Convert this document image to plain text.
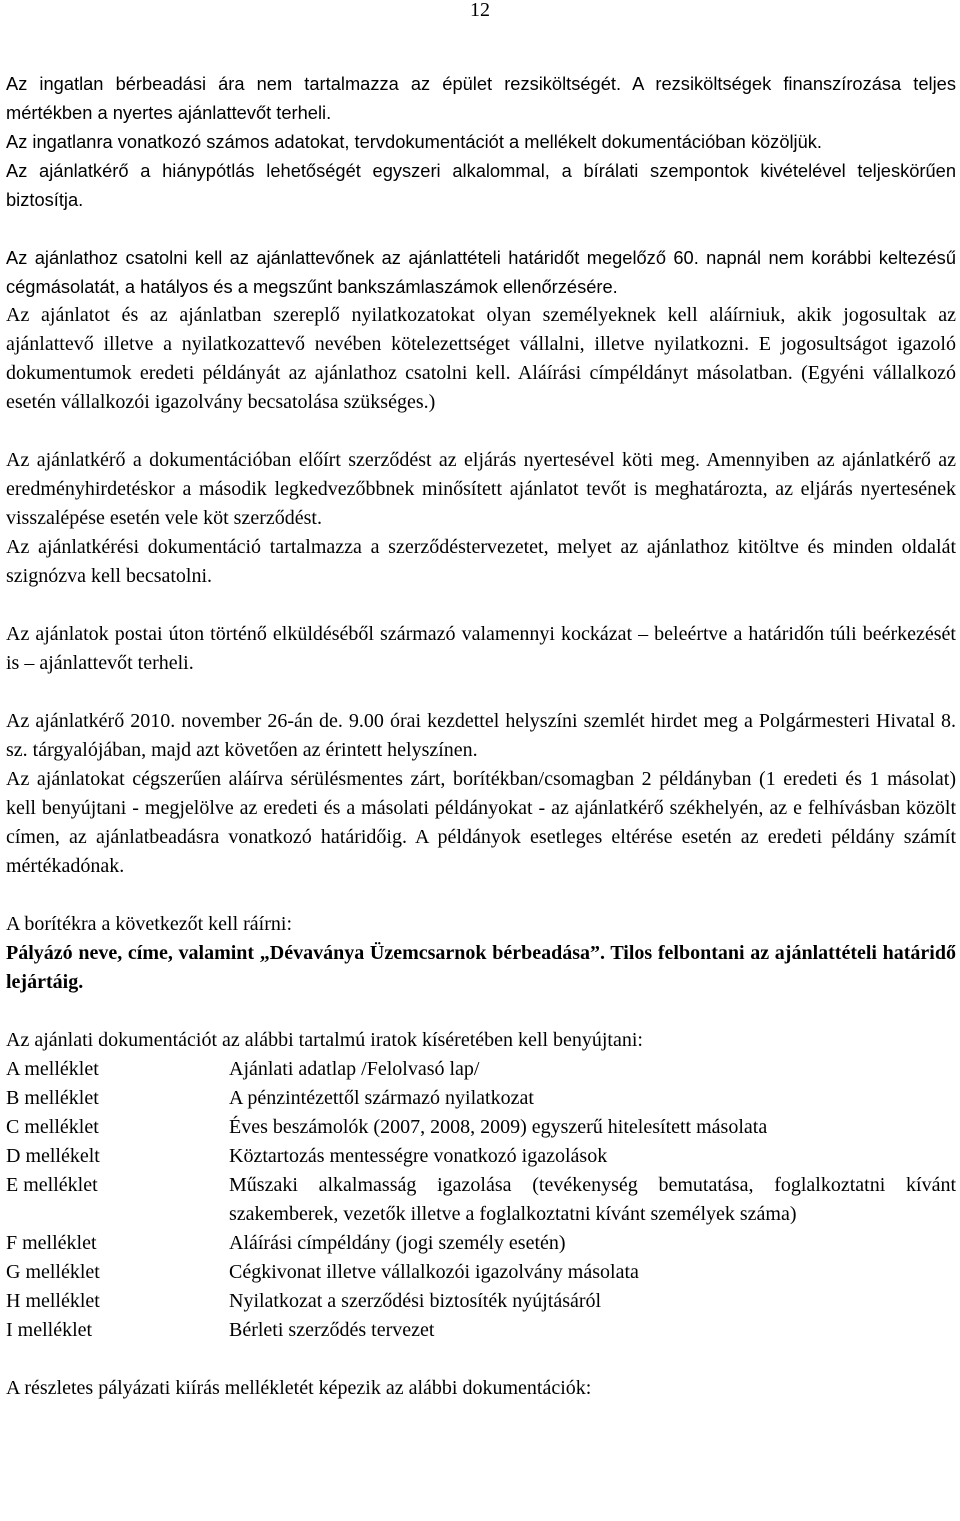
12

Az ingatlan bérbeadási ára nem tartalmazza az épület rezsiköltségét. A rezsiköltségek finanszírozása teljes mértékben a nyertes ajánlattevőt terheli.

Az ingatlanra vonatkozó számos adatokat, tervdokumentációt a mellékelt dokumentációban közöljük.

Az ajánlatkérő a hiánypótlás lehetőségét egyszeri alkalommal, a bírálati szempontok kivételével teljeskörűen biztosítja.

Az ajánlathoz csatolni kell az ajánlattevőnek az ajánlattételi határidőt megelőző 60. napnál nem korábbi keltezésű cégmásolatát, a hatályos és a megszűnt bankszámlaszámok ellenőrzésére.

Az ajánlatot és az ajánlatban szereplő nyilatkozatokat olyan személyeknek kell aláírniuk, akik jogosultak az ajánlattevő illetve a nyilatkozattevő nevében kötelezettséget vállalni, illetve nyilatkozni. E jogosultságot igazoló dokumentumok eredeti példányát az ajánlathoz csatolni kell. Aláírási címpéldányt másolatban. (Egyéni vállalkozó esetén vállalkozói igazolvány becsatolása szükséges.)

Az ajánlatkérő a dokumentációban előírt szerződést az eljárás nyertesével köti meg. Amennyiben az ajánlatkérő az eredményhirdetéskor a második legkedvezőbbnek minősített ajánlatot tevőt is meghatározta, az eljárás nyertesének visszalépése esetén vele köt szerződést.

Az ajánlatkérési dokumentáció tartalmazza a szerződéstervezetet, melyet az ajánlathoz kitöltve és minden oldalát szignózva kell becsatolni.

Az ajánlatok postai úton történő elküldéséből származó valamennyi kockázat – beleértve a határidőn túli beérkezését is – ajánlattevőt terheli.

Az ajánlatkérő 2010. november 26-án de. 9.00 órai kezdettel helyszíni szemlét hirdet meg a Polgármesteri Hivatal 8. sz. tárgyalójában, majd azt követően az érintett helyszínen.

Az ajánlatokat cégszerűen aláírva sérülésmentes zárt, borítékban/csomagban 2 példányban (1 eredeti és 1 másolat) kell benyújtani - megjelölve az eredeti és a másolati példányokat - az ajánlatkérő székhelyén, az e felhívásban közölt címen, az ajánlatbeadásra vonatkozó határidőig. A példányok esetleges eltérése esetén az eredeti példány számít mértékadónak.

A borítékra a következőt kell ráírni:

Pályázó neve, címe, valamint „Dévaványa Üzemcsarnok bérbeadása”. Tilos felbontani az ajánlattételi határidő lejártáig.

Az ajánlati dokumentációt az alábbi tartalmú iratok kíséretében kell benyújtani:

A melléklet	Ajánlati adatlap /Felolvasó lap/
B melléklet	A pénzintézettől származó nyilatkozat
C melléklet	Éves beszámolók (2007, 2008, 2009) egyszerű hitelesített másolata
D mellékelt	Köztartozás mentességre vonatkozó igazolások
E melléklet	Műszaki alkalmasság igazolása (tevékenység bemutatása, foglalkoztatni kívánt szakemberek, vezetők illetve a foglalkoztatni kívánt személyek száma)
F melléklet	Aláírási címpéldány (jogi személy esetén)
G melléklet	Cégkivonat illetve vállalkozói igazolvány másolata
H melléklet	Nyilatkozat a szerződési biztosíték nyújtásáról
I melléklet	Bérleti szerződés tervezet

A részletes pályázati kiírás mellékletét képezik az alábbi dokumentációk:
